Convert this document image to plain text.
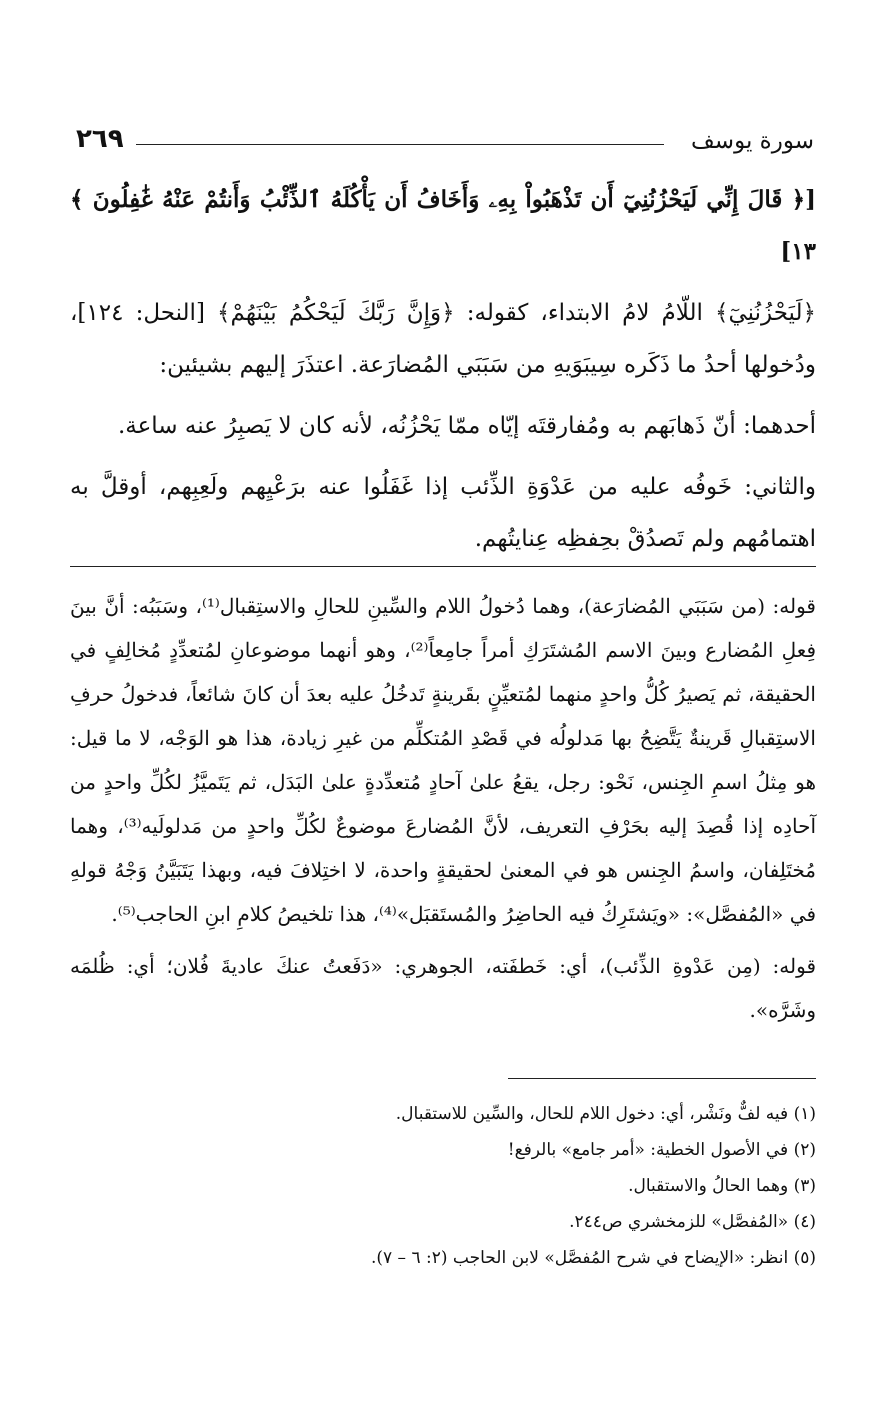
٢٦٩	سورة يوسف

[﴿ قَالَ إِنِّي لَيَحْزُنُنِيٓ أَن تَذْهَبُواْ بِهِۦ وَأَخَافُ أَن يَأْكُلَهُ ٱلذِّئْبُ وَأَنتُمْ عَنْهُ غَٰفِلُونَ ﴾ ١٣]

﴿لَيَحْزُنُنِيٓ﴾ اللّامُ لامُ الابتداء، كقوله: ﴿وَإِنَّ رَبَّكَ لَيَحْكُمُ بَيْنَهُمْ﴾ [النحل: ١٢٤]، ودُخولها أحدُ ما ذَكَره سِيبَوَيهِ من سَبَبَي المُضارَعة. اعتذَرَ إليهم بشيئين:

أحدهما: أنّ ذَهابَهم به ومُفارقتَه إيّاه ممّا يَحْزُنُه، لأنه كان لا يَصبِرُ عنه ساعة.

والثاني: خَوفُه عليه من عَدْوَةِ الذِّئب إذا غَفَلُوا عنه برَعْيِهم ولَعِبِهم، أوقلَّ به اهتمامُهم ولم تَصدُقْ بحِفظِه عِنايتُهم.

قوله: (من سَبَبَي المُضارَعة)، وهما دُخولُ اللام والسِّينِ للحالِ والاستِقبال⁽¹⁾، وسَبَبُه: أنَّ بينَ فِعلِ المُضارع وبينَ الاسم المُشتَرَكِ أمراً جامِعاً⁽²⁾، وهو أنهما موضوعانِ لمُتعدِّدٍ مُخالِفٍ في الحقيقة، ثم يَصيرُ كُلُّ واحدٍ منهما لمُتعيِّنٍ بقَرينةٍ تَدخُلُ عليه بعدَ أن كانَ شائعاً، فدخولُ حرفِ الاستِقبالِ قَرينةٌ يَتَّضِحُ بها مَدلولُه في قَصْدِ المُتكلِّم من غيرِ زيادة، هذا هو الوَجْه، لا ما قيل: هو مِثلُ اسمِ الجِنس، نَحْو: رجل، يقعُ علىٰ آحادٍ مُتعدِّدةٍ علىٰ البَدَل، ثم يَتَميَّزُ لكُلِّ واحدٍ من آحادِه إذا قُصِدَ إليه بحَرْفِ التعريف، لأنَّ المُضارعَ موضوعٌ لكُلِّ واحدٍ من مَدلولَيه⁽³⁾، وهما مُختَلِفان، واسمُ الجِنس هو في المعنىٰ لحقيقةٍ واحدة، لا اختِلافَ فيه، وبهذا يَتَبَيَّنُ وَجْهُ قولهِ في «المُفصَّل»: «ويَشتَرِكُ فيه الحاضِرُ والمُستَقبَل»⁽⁴⁾، هذا تلخيصُ كلامِ ابنِ الحاجب⁽⁵⁾.

قوله: (مِن عَدْوةِ الذِّئب)، أي: خَطفَته، الجوهري: «دَفَعتُ عنكَ عاديةَ فُلان؛ أي: ظُلمَه وشَرَّه».

(١) فيه لفٌّ ونَشْر، أي: دخول اللام للحال، والسِّين للاستقبال.

(٢) في الأصول الخطية: «أمر جامع» بالرفع!

(٣) وهما الحالُ والاستقبال.

(٤) «المُفصَّل» للزمخشري ص٢٤٤.

(٥) انظر: «الإيضاح في شرح المُفصَّل» لابن الحاجب (٢: ٦ – ٧).
